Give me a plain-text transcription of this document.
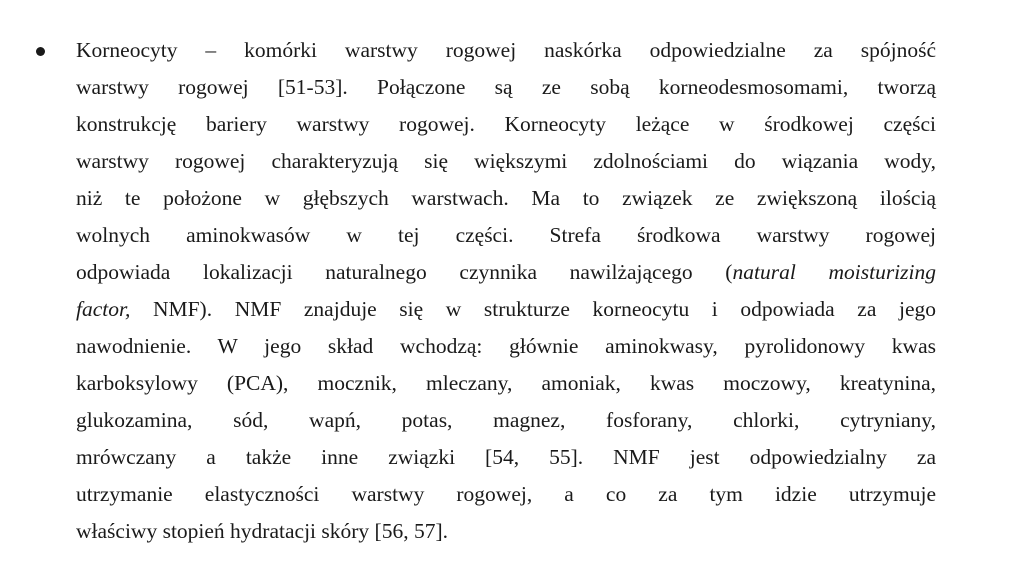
Korneocyty – komórki warstwy rogowej naskórka odpowiedzialne za spójność
warstwy rogowej [51-53]. Połączone są ze sobą korneodesmosomami, tworzą
konstrukcję bariery warstwy rogowej. Korneocyty leżące w środkowej części
warstwy rogowej charakteryzują się większymi zdolnościami do wiązania wody,
niż te położone w głębszych warstwach. Ma to związek ze zwiększoną ilością
wolnych aminokwasów w tej części. Strefa środkowa warstwy rogowej
odpowiada lokalizacji naturalnego czynnika nawilżającego (natural moisturizing
factor, NMF). NMF znajduje się w strukturze korneocytu i odpowiada za jego
nawodnienie. W jego skład wchodzą: głównie aminokwasy, pyrolidonowy kwas
karboksylowy (PCA), mocznik, mleczany, amoniak, kwas moczowy, kreatynina,
glukozamina, sód, wapń, potas, magnez, fosforany, chlorki, cytryniany,
mrówczany a także inne związki [54, 55]. NMF jest odpowiedzialny za
utrzymanie elastyczności warstwy rogowej, a co za tym idzie utrzymuje
właściwy stopień hydratacji skóry [56, 57].
